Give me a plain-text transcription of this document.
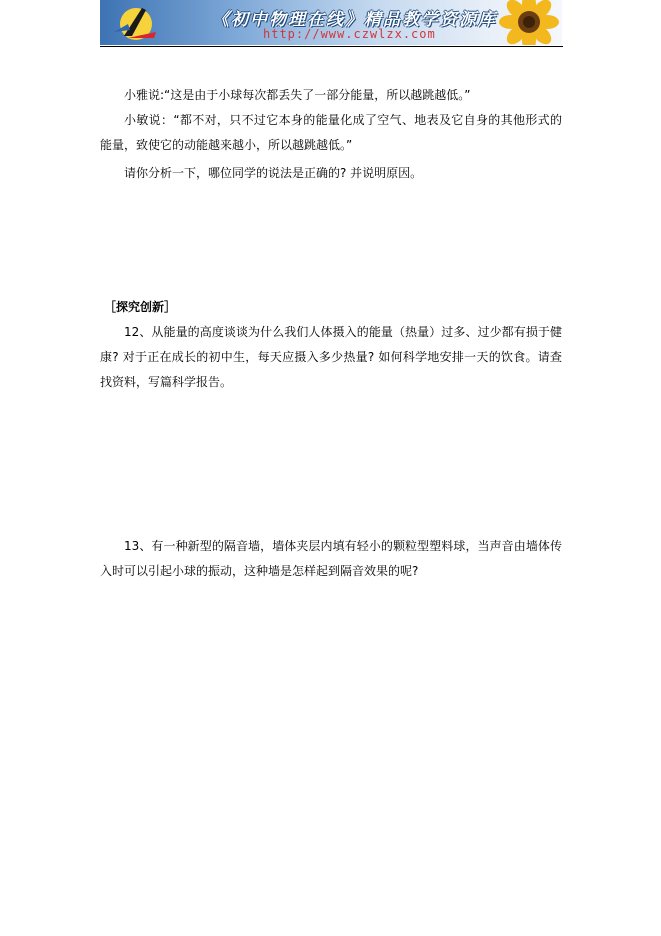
《初中物理在线》精品教学资源库
http://www.czwlzx.com

小雅说:“这是由于小球每次都丢失了一部分能量，所以越跳越低。”

小敏说：“都不对，只不过它本身的能量化成了空气、地表及它自身的其他形式的能量，致使它的动能越来越小，所以越跳越低。”

请你分析一下，哪位同学的说法是正确的? 并说明原因。

［探究创新］

12、从能量的高度谈谈为什么我们人体摄入的能量（热量）过多、过少都有损于健康? 对于正在成长的初中生，每天应摄入多少热量? 如何科学地安排一天的饮食。请查找资料，写篇科学报告。

13、有一种新型的隔音墙，墙体夹层内填有轻小的颗粒型塑料球，当声音由墙体传入时可以引起小球的振动，这种墙是怎样起到隔音效果的呢?
